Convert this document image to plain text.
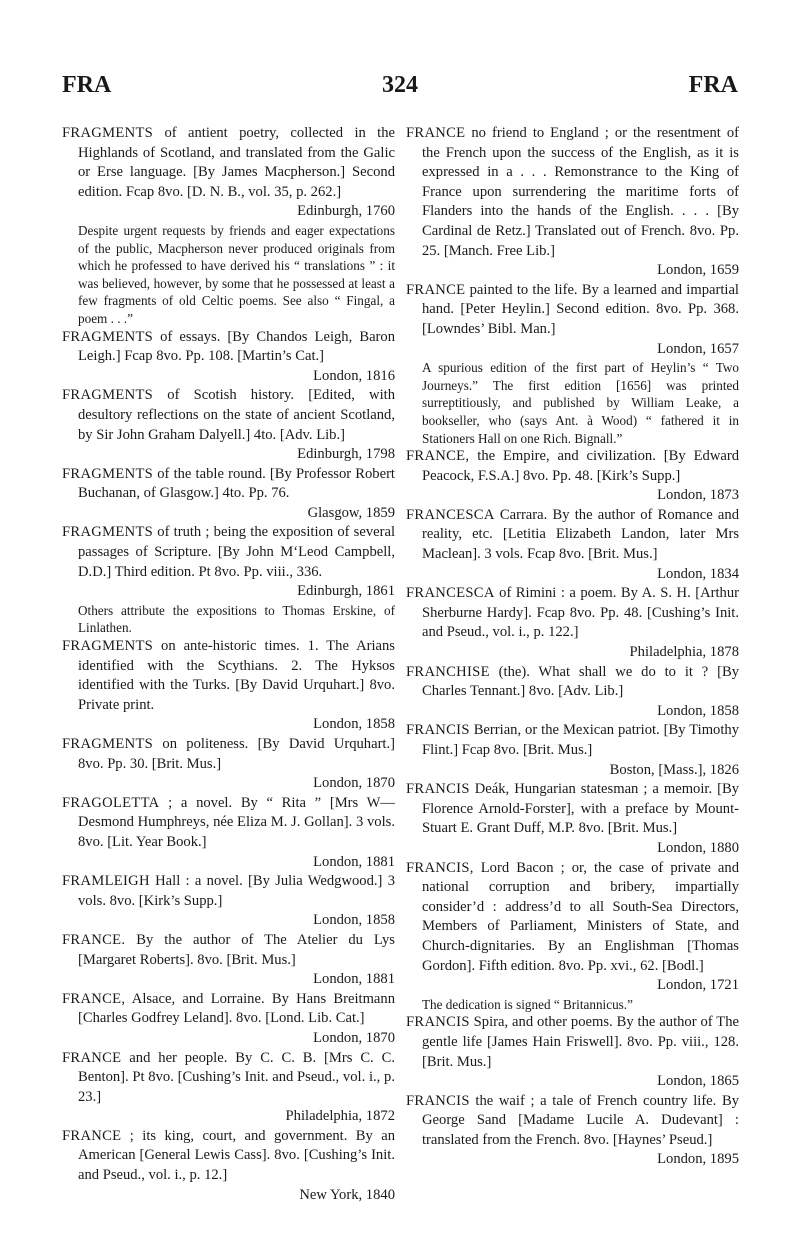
FRA	324	FRA

FRAGMENTS of antient poetry, collected in the Highlands of Scotland, and translated from the Galic or Erse language. [By James Macpherson.] Second edition. Fcap 8vo. [D. N. B., vol. 35, p. 262.]
Edinburgh, 1760

Despite urgent requests by friends and eager expectations of the public, Macpherson never produced originals from which he professed to have derived his “ translations ” : it was believed, however, by some that he possessed at least a few fragments of old Celtic poems. See also “ Fingal, a poem . . .”

FRAGMENTS of essays. [By Chandos Leigh, Baron Leigh.] Fcap 8vo. Pp. 108. [Martin’s Cat.]
London, 1816

FRAGMENTS of Scotish history. [Edited, with desultory reflections on the state of ancient Scotland, by Sir John Graham Dalyell.] 4to. [Adv. Lib.]
Edinburgh, 1798

FRAGMENTS of the table round. [By Professor Robert Buchanan, of Glasgow.] 4to. Pp. 76.
Glasgow, 1859

FRAGMENTS of truth ; being the exposition of several passages of Scripture. [By John M‘Leod Campbell, D.D.] Third edition. Pt 8vo. Pp. viii., 336.
Edinburgh, 1861

Others attribute the expositions to Thomas Erskine, of Linlathen.

FRAGMENTS on ante-historic times. 1. The Arians identified with the Scythians. 2. The Hyksos identified with the Turks. [By David Urquhart.] 8vo. Private print.
London, 1858

FRAGMENTS on politeness. [By David Urquhart.] 8vo. Pp. 30. [Brit. Mus.]
London, 1870

FRAGOLETTA ; a novel. By “ Rita ” [Mrs W— Desmond Humphreys, née Eliza M. J. Gollan]. 3 vols. 8vo. [Lit. Year Book.]
London, 1881

FRAMLEIGH Hall : a novel. [By Julia Wedgwood.] 3 vols. 8vo. [Kirk’s Supp.]
London, 1858

FRANCE. By the author of The Atelier du Lys [Margaret Roberts]. 8vo. [Brit. Mus.]
London, 1881

FRANCE, Alsace, and Lorraine. By Hans Breitmann [Charles Godfrey Leland]. 8vo. [Lond. Lib. Cat.]
London, 1870

FRANCE and her people. By C. C. B. [Mrs C. C. Benton]. Pt 8vo. [Cushing’s Init. and Pseud., vol. i., p. 23.]
Philadelphia, 1872

FRANCE ; its king, court, and government. By an American [General Lewis Cass]. 8vo. [Cushing’s Init. and Pseud., vol. i., p. 12.]
New York, 1840

FRANCE no friend to England ; or the resentment of the French upon the success of the English, as it is expressed in a . . . Remonstrance to the King of France upon surrendering the maritime forts of Flanders into the hands of the English. . . . [By Cardinal de Retz.] Translated out of French. 8vo. Pp. 25. [Manch. Free Lib.]
London, 1659

FRANCE painted to the life. By a learned and impartial hand. [Peter Heylin.] Second edition. 8vo. Pp. 368. [Lowndes’ Bibl. Man.]
London, 1657

A spurious edition of the first part of Heylin’s “ Two Journeys.” The first edition [1656] was printed surreptitiously, and published by William Leake, a bookseller, who (says Ant. à Wood) “ fathered it in Stationers Hall on one Rich. Bignall.”

FRANCE, the Empire, and civilization. [By Edward Peacock, F.S.A.] 8vo. Pp. 48. [Kirk’s Supp.]
London, 1873

FRANCESCA Carrara. By the author of Romance and reality, etc. [Letitia Elizabeth Landon, later Mrs Maclean]. 3 vols. Fcap 8vo. [Brit. Mus.]
London, 1834

FRANCESCA of Rimini : a poem. By A. S. H. [Arthur Sherburne Hardy]. Fcap 8vo. Pp. 48. [Cushing’s Init. and Pseud., vol. i., p. 122.]
Philadelphia, 1878

FRANCHISE (the). What shall we do to it ? [By Charles Tennant.] 8vo. [Adv. Lib.]
London, 1858

FRANCIS Berrian, or the Mexican patriot. [By Timothy Flint.] Fcap 8vo. [Brit. Mus.]
Boston, [Mass.], 1826

FRANCIS Deák, Hungarian statesman ; a memoir. [By Florence Arnold-Forster], with a preface by Mount-Stuart E. Grant Duff, M.P. 8vo. [Brit. Mus.]
London, 1880

FRANCIS, Lord Bacon ; or, the case of private and national corruption and bribery, impartially consider’d : address’d to all South-Sea Directors, Members of Parliament, Ministers of State, and Church-dignitaries. By an Englishman [Thomas Gordon]. Fifth edition. 8vo. Pp. xvi., 62. [Bodl.]
London, 1721

The dedication is signed “ Britannicus.”

FRANCIS Spira, and other poems. By the author of The gentle life [James Hain Friswell]. 8vo. Pp. viii., 128. [Brit. Mus.]
London, 1865

FRANCIS the waif ; a tale of French country life. By George Sand [Madame Lucile A. Dudevant] : translated from the French. 8vo. [Haynes’ Pseud.]
London, 1895
